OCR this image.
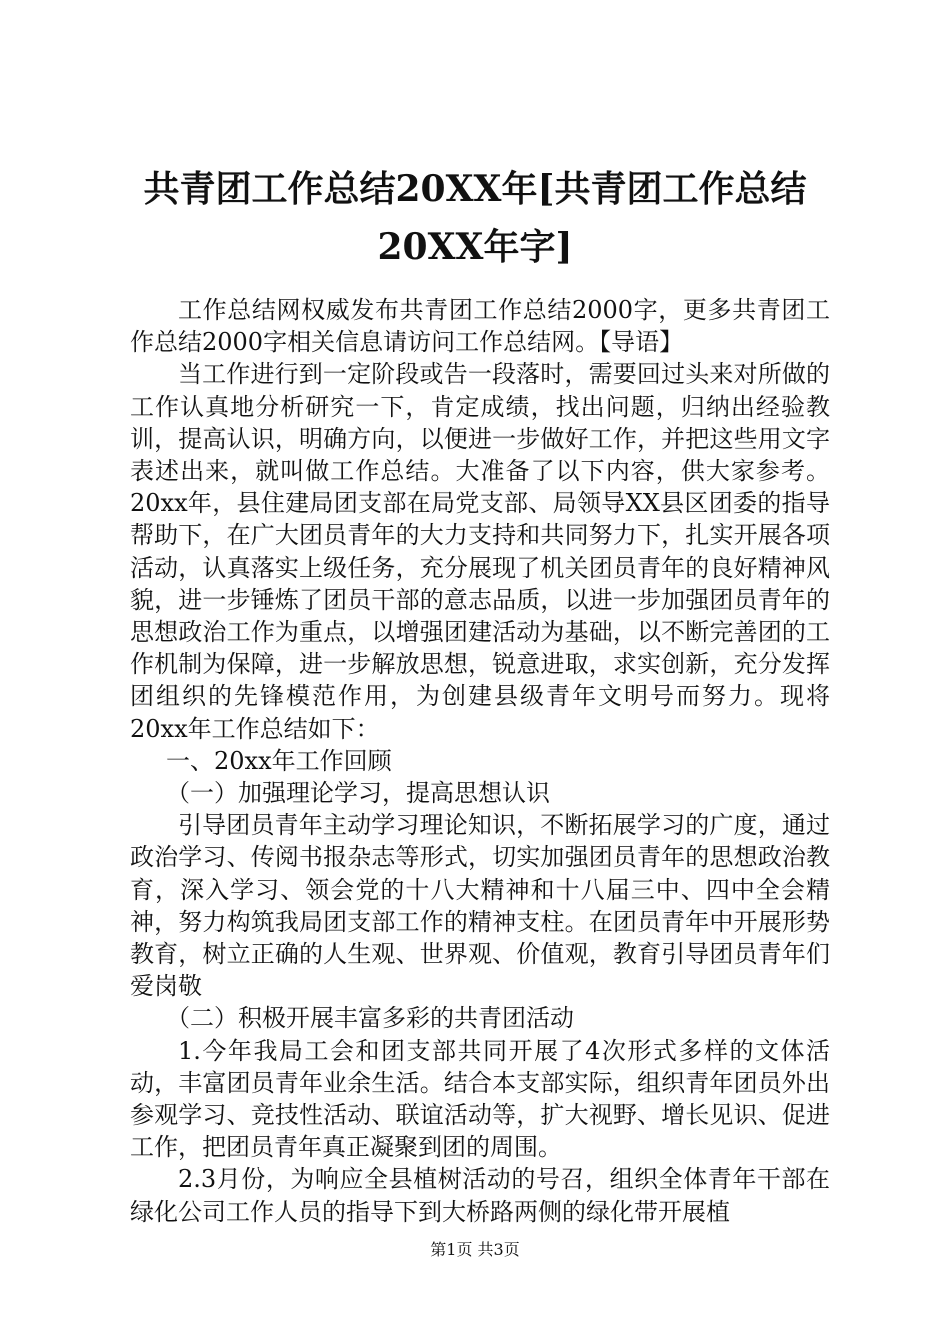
共青团工作总结20XX年[共青团工作总结20XX年字]

工作总结网权威发布共青团工作总结2000字，更多共青团工作总结2000字相关信息请访问工作总结网。【导语】

当工作进行到一定阶段或告一段落时，需要回过头来对所做的工作认真地分析研究一下，肯定成绩，找出问题，归纳出经验教训，提高认识，明确方向，以便进一步做好工作，并把这些用文字表述出来，就叫做工作总结。大准备了以下内容，供大家参考。20xx年，县住建局团支部在局党支部、局领导XX县区团委的指导帮助下，在广大团员青年的大力支持和共同努力下，扎实开展各项活动，认真落实上级任务，充分展现了机关团员青年的良好精神风貌，进一步锤炼了团员干部的意志品质，以进一步加强团员青年的思想政治工作为重点，以增强团建活动为基础，以不断完善团的工作机制为保障，进一步解放思想，锐意进取，求实创新，充分发挥团组织的先锋模范作用，为创建县级青年文明号而努力。现将20xx年工作总结如下：

一、20xx年工作回顾

（一）加强理论学习，提高思想认识

引导团员青年主动学习理论知识，不断拓展学习的广度，通过政治学习、传阅书报杂志等形式，切实加强团员青年的思想政治教育，深入学习、领会党的十八大精神和十八届三中、四中全会精神，努力构筑我局团支部工作的精神支柱。在团员青年中开展形势教育，树立正确的人生观、世界观、价值观，教育引导团员青年们爱岗敬

（二）积极开展丰富多彩的共青团活动

1.今年我局工会和团支部共同开展了4次形式多样的文体活动，丰富团员青年业余生活。结合本支部实际，组织青年团员外出参观学习、竞技性活动、联谊活动等，扩大视野、增长见识、促进工作，把团员青年真正凝聚到团的周围。

2.3月份，为响应全县植树活动的号召，组织全体青年干部在绿化公司工作人员的指导下到大桥路两侧的绿化带开展植

第1页 共3页
